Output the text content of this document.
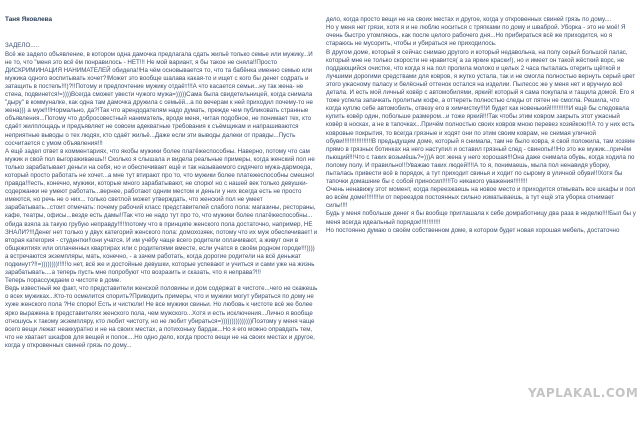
Таня Яковлева

ЗАДЕЛО.....
Всё же задело объявление, в котором одна дамочка предлагала сдать жильё только семье или мужику...И не то, что "меня это всё ём понравилось - НЕТ!!! Не мой вариант, я бы такое не сняла!!Просто ДИСКРИМИНАЦИЯ НАНИМАТЕЛЕЙ обидела!!На чём основывается то, что та бабёнка именно семью или мужика одного воспитывать хочет?!Может это вообще шалава какая-то и ищет с кого бы денег содрать и затащить в постель!!!)?!!Потому и предпочтение мужику отдаёт!!!А что касается семьи...ну так жена- не стена, подвинется!=))))Всегда сможет увести чужого мужа=)))))Сама была свидетельницей, когда снимала "дыру" в коммуналке, как одна там дамочка дружила с семьёй...а по вечерам к ней приходил почему-то не жена))) а муж!!!!Нормально, да?!Так что арендодателям надо думать, прежде чем публиковать странные объявления...Потому что добросовестный наниматель, вроде меня, читая подобное, не понимает тех, кто сдаёт жилплощадь и предъявляет не совсем адекватные требования к съёмщикам и напрашиваются неприятные выводы о тех людях, кто сдаёт жильё...Даже если эти выводы далеки от правды...Пусть сосчитается с умом объявления!!!
А ещё задел ответ в комментариях, что якобы мужики более платёжеспособны. Наверно, потому что сам мужик и свой пол выгораживаешь!! Сколько я слышала и видела реальные примеры, когда женский пол не только зарабатывает деньги на себя, но и обеспечивает ещё и так называемого сидячего мужа-дармоеда, который просто работать не хочет...а мне тут втирают про то, что мужики более платежеспособны смешно! правда!!!есть, конечно, мужики, которые много зарабатывают, не спорю! но с нашей век только девушки-содержанки не умеют работать...вернее, работают одним местом и деньги у них всегда есть не просто имеются, но речь не о них... только светлой может утверждать, что женский пол не умеет зарабатывать...стоит отмечать: почему рабочий класс представителей слабого пола: магазины, рестораны, кафе, театры, офисы...везде есть дамы!!Так что не надо тут про то, что мужики более платёжеспособны... обида взяла за такую грубую неправду!!!!!потому что в принципе женского пола достаточно, например, НЕ ЗНАЛИ?!!!Денег нет только у двух категорий женского пола: домохозяек, потому что их муж обеспечивает! и вторая категория - студентки!!они учатся. И им учёбу чаще всего родители оплачивают, а живут они в общежитиях или оплаченных квартирах или с родителями вместе, если учатся в своём родном городе!!!)))) а встречаются экземпляры, мать, конечно, - а зачем работать, когда дорогие родители на всё деньжат подкинут?!!=))))))))!!!!!!о нет, всё же и достойные девушки, которые успевают и учиться и сами уже на жизнь зарабатывать....а теперь пусть мне попробуют что возразить и сказать, что я неправа?!!!
Теперь порассуждаем о чистоте в доме.
Ведь известный же факт, что представители женской половины и дом содержат в чистоте...чего не скажешь о всех мужиках...Кто-то осмелится спорить?Приводить примеры, что и мужики могут убираться по дому не хуже женского пола ?Не спорю! Есть и чистюли! Не все мужики свиньи. Но любовь к чистоте всё же более ярко выражена в представителях женского пола, чем мужского...Хотя и есть исключения...Лично я вообще отношусь к такому экземпляру, кто любит чистоту, но не любит убираться=)))))))))))))))Поэтому у меня чаще всего вещи лежат неаккуратно и не на своих местах, а потихоньку бардак...Но я его можно оправдать тем, что не хватает шкафов для вещей и полок....Но одно дело, когда просто вещи не на своих местах и другое, когда у откровенных свиней грязь по дому...

дело, когда просто вещи не на своих местах и другое, когда у откровенных свиней грязь по дому....
Но у меня нет грязи, хотя я и не люблю носиться с тряпками по дому и шваброй. Уборка - это не моё! Я очень быстро утомляюсь, как после целого рабочего дня...Но прибираться всё же приходится, но я стараюсь не мусорить, чтобы и убираться не приходилось.
В другом доме, который я сейчас снимаю другого и который недавольна, на полу серый большой палас, который мне не только скорости не нравится( а за яркие краски!), но и имеет он такой жёсткий ворс, не поддающийся очистке, что когда я на пол пролила молоко и целых 2 часа пыталась отерить щёткой и лучшими дорогими средствами для ковров, я жутко устала, так и не смогла полностью вернуть серый цвет этого ужасному паласу и белёсный оттенок остался на изделии. Пылесос же у меня нет и вручную всё детала. И есть мой личный ковёр с автомобилями, яркий! который я сама покупала и тащила домой. Его я тоже успела запачкать пролитым кофе, а оттереть полностью следы от пятен не смогла. Решила, что когда куплю себе автомобиль, отвезу его в химчистку!!!И будет как новенький!!!!!!!!!!!И ещё бы следовала купить ковёр один, побольше размером...и тоже яркий!!!Так чтобы этим ковром закрыть этот ужасный ковёр в носках, а не в тапочках...Причём полностью своих ковров мною перевез хозяйкою!!!А то у них есть ковровые покрытия, то всегда грязные и ходят они по этим своим коврам, не снимая уличной обуви!!!!!!!!!!!!!!!!!В предыдущем доме, который я снимала, там не было ковра, я свой положила, там хозяин прямо в грязных ботинках на него наступил и оставил грязный след - свинопы!!!Но это же мужик...причём пьющий!!!Что с таких возьмёшь?=)))А вот жена у него хорошая!!!Она даже снимала обувь, когда ходила по полому полу. И правильно!!!Уважаю таких людей!!!!А то я, понимаешь, мыла пол ненавидя уборку, пыталась привести всё в порядок, а тут приходит свинья и ходит по сырому в уличной обуви!!!Хотя бы тапочки домашние бы с собой приносил!!!!!То никакого уважения!!!!!!!!
Очень ненавижу этот момент, когда переезжаешь на новое место и приходится отмывать все шкафы и пол во всём доме!!!!!!!!!и от переездов постоянных сильно изматываешь, а тут ещё эта уборка отнимает силы!!!!
Будь у меня побольше денег я бы вообще приглашала к себе домработницу два раза в неделю!!!!Был бы у меня всегда идеальный порядок!!!!!!!!!!!!
Но постоянно думаю о своём собственном доме, в котором будет новая хорошая мебель, достаточно

YAPLAKAL.COM
